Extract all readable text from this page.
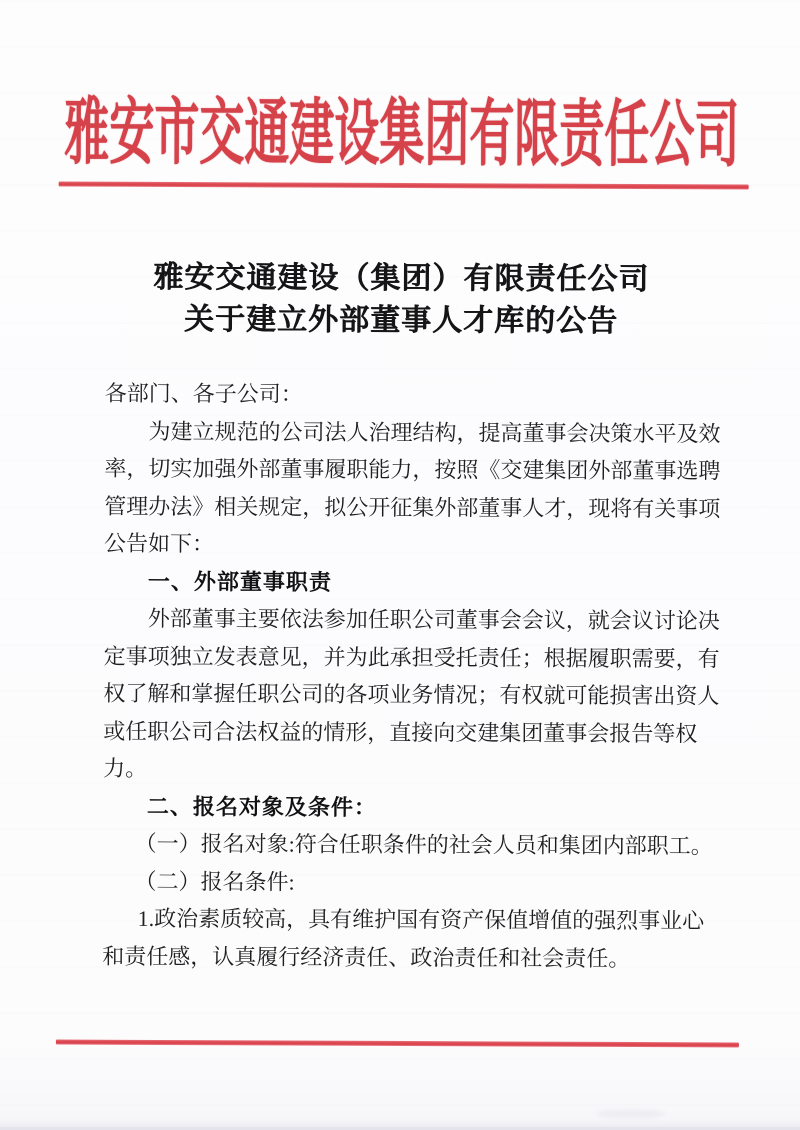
雅安市交通建设集团有限责任公司
雅安交通建设（集团）有限责任公司
关于建立外部董事人才库的公告
各部门、各子公司：
为建立规范的公司法人治理结构，提高董事会决策水平及效
率，切实加强外部董事履职能力，按照《交建集团外部董事选聘
管理办法》相关规定，拟公开征集外部董事人才，现将有关事项
公告如下：
一、外部董事职责
外部董事主要依法参加任职公司董事会会议，就会议讨论决
定事项独立发表意见，并为此承担受托责任；根据履职需要，有
权了解和掌握任职公司的各项业务情况；有权就可能损害出资人
或任职公司合法权益的情形，直接向交建集团董事会报告等权
力。
二、报名对象及条件：
（一）报名对象:符合任职条件的社会人员和集团内部职工。
（二）报名条件:
1.政治素质较高，具有维护国有资产保值增值的强烈事业心
和责任感，认真履行经济责任、政治责任和社会责任。
